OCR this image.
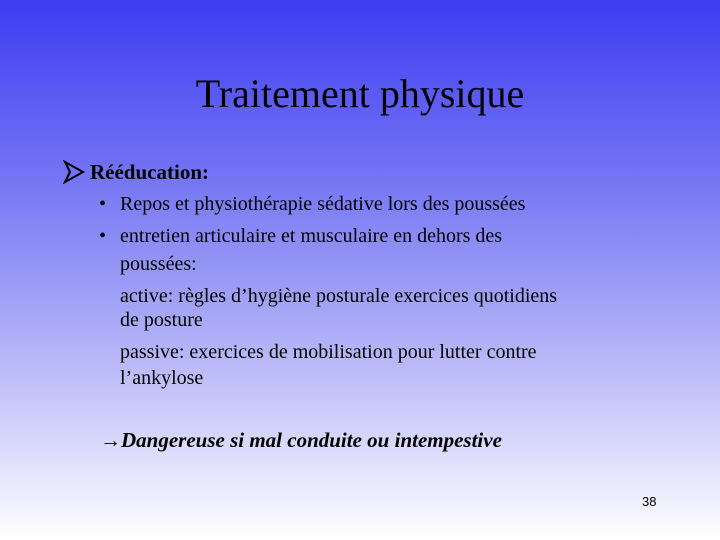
Traitement physique
Rééducation:
• Repos et physiothérapie sédative lors des poussées
• entretien articulaire et musculaire en dehors des
poussées:
active: règles d’hygiène posturale exercices quotidiens
de posture
passive: exercices de mobilisation pour lutter contre
l’ankylose
→Dangereuse si mal conduite ou intempestive
38
